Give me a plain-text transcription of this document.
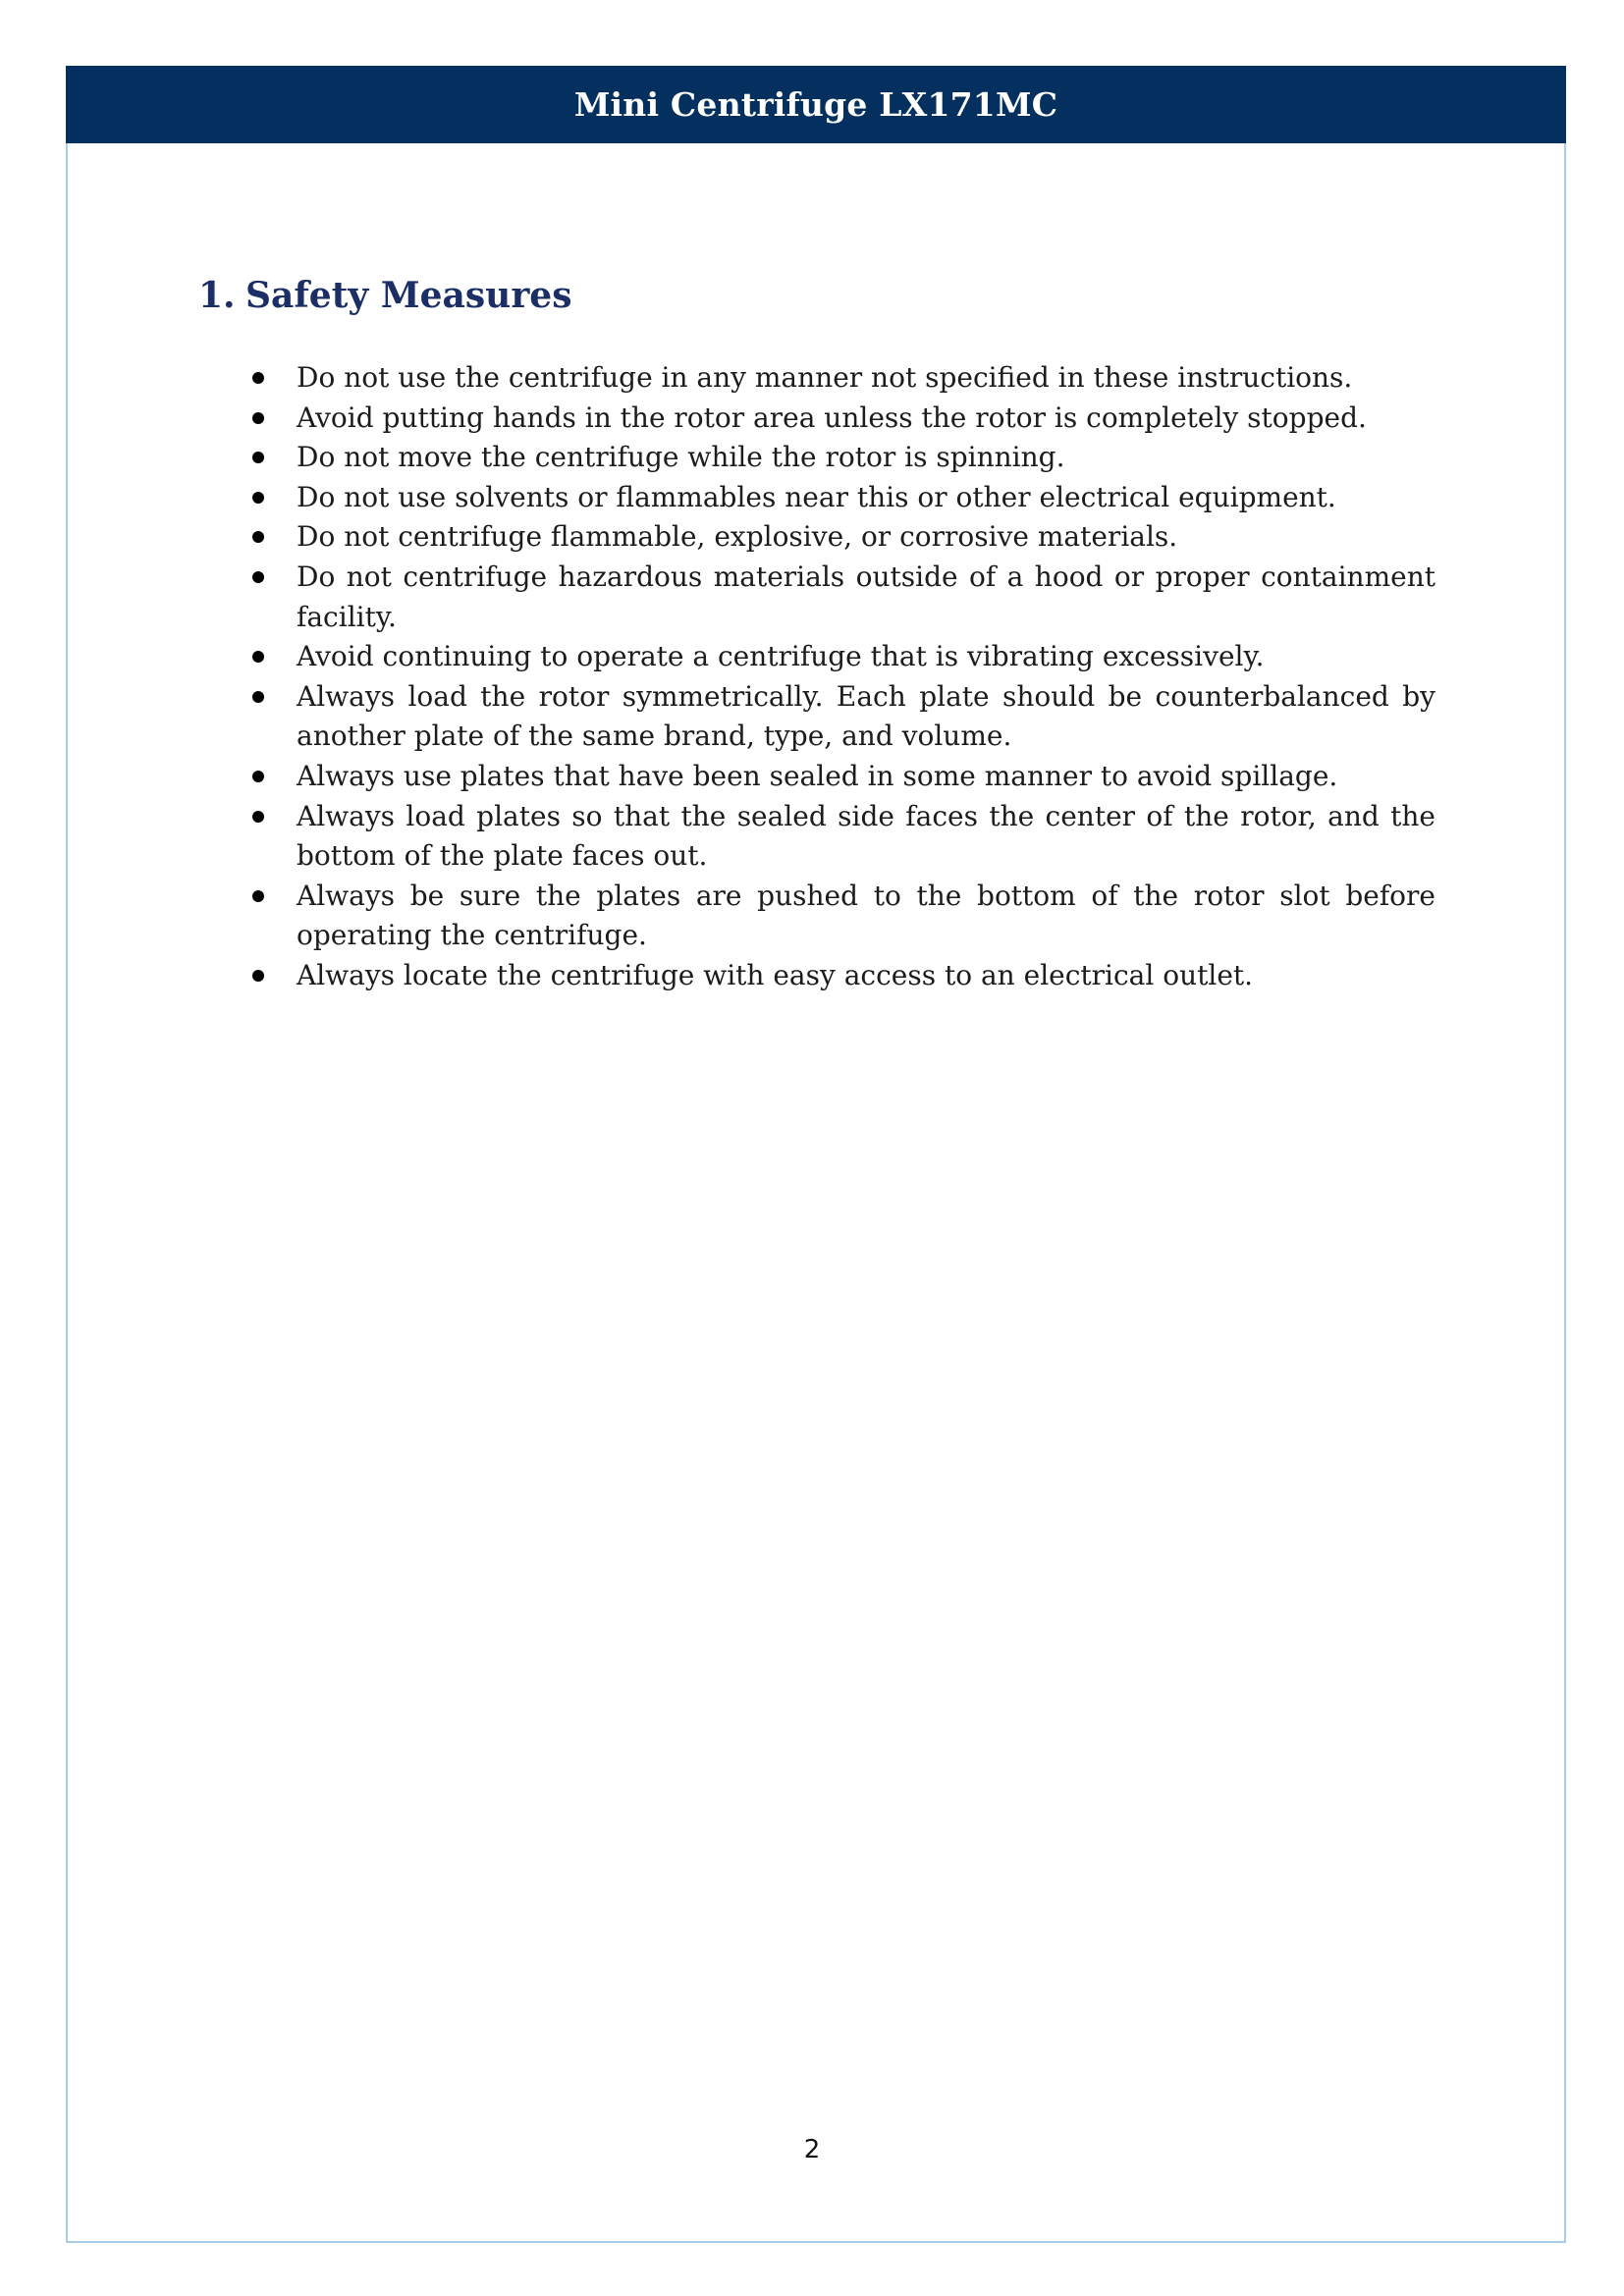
Mini Centrifuge LX171MC
1. Safety Measures
Do not use the centrifuge in any manner not specified in these instructions.
Avoid putting hands in the rotor area unless the rotor is completely stopped.
Do not move the centrifuge while the rotor is spinning.
Do not use solvents or flammables near this or other electrical equipment.
Do not centrifuge flammable, explosive, or corrosive materials.
Do not centrifuge hazardous materials outside of a hood or proper containment facility.
Avoid continuing to operate a centrifuge that is vibrating excessively.
Always load the rotor symmetrically. Each plate should be counterbalanced by another plate of the same brand, type, and volume.
Always use plates that have been sealed in some manner to avoid spillage.
Always load plates so that the sealed side faces the center of the rotor, and the bottom of the plate faces out.
Always be sure the plates are pushed to the bottom of the rotor slot before operating the centrifuge.
Always locate the centrifuge with easy access to an electrical outlet.
2
